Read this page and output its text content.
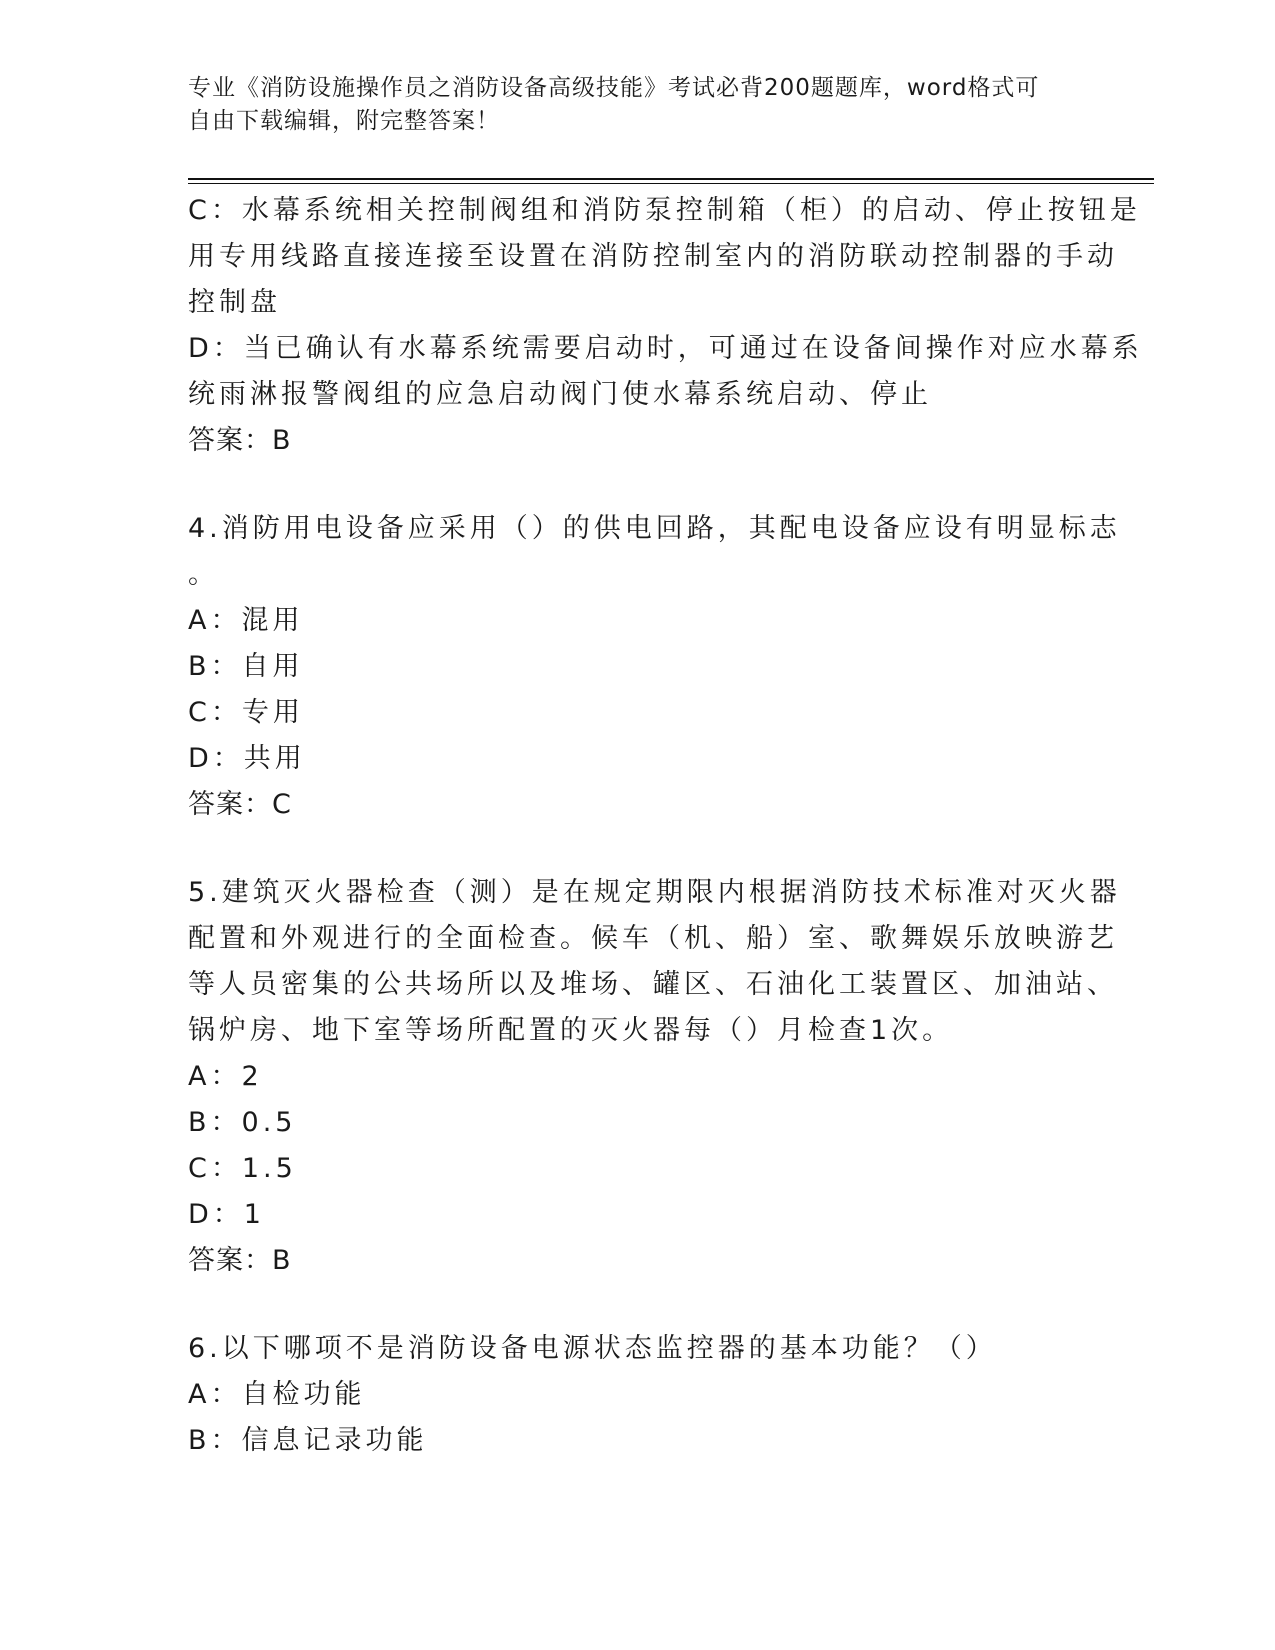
专业《消防设施操作员之消防设备高级技能》考试必背200题题库，word格式可
自由下载编辑，附完整答案！

C：水幕系统相关控制阀组和消防泵控制箱（柜）的启动、停止按钮是

用专用线路直接连接至设置在消防控制室内的消防联动控制器的手动

控制盘

D：当已确认有水幕系统需要启动时，可通过在设备间操作对应水幕系

统雨淋报警阀组的应急启动阀门使水幕系统启动、停止

答案：B

4.消防用电设备应采用（）的供电回路，其配电设备应设有明显标志

。

A：混用

B：自用

C：专用

D：共用

答案：C

5.建筑灭火器检查（测）是在规定期限内根据消防技术标准对灭火器

配置和外观进行的全面检查。候车（机、船）室、歌舞娱乐放映游艺

等人员密集的公共场所以及堆场、罐区、石油化工装置区、加油站、

锅炉房、地下室等场所配置的灭火器每（）月检查1次。

A：2

B：0.5

C：1.5

D：1

答案：B

6.以下哪项不是消防设备电源状态监控器的基本功能？（）

A：自检功能

B：信息记录功能
